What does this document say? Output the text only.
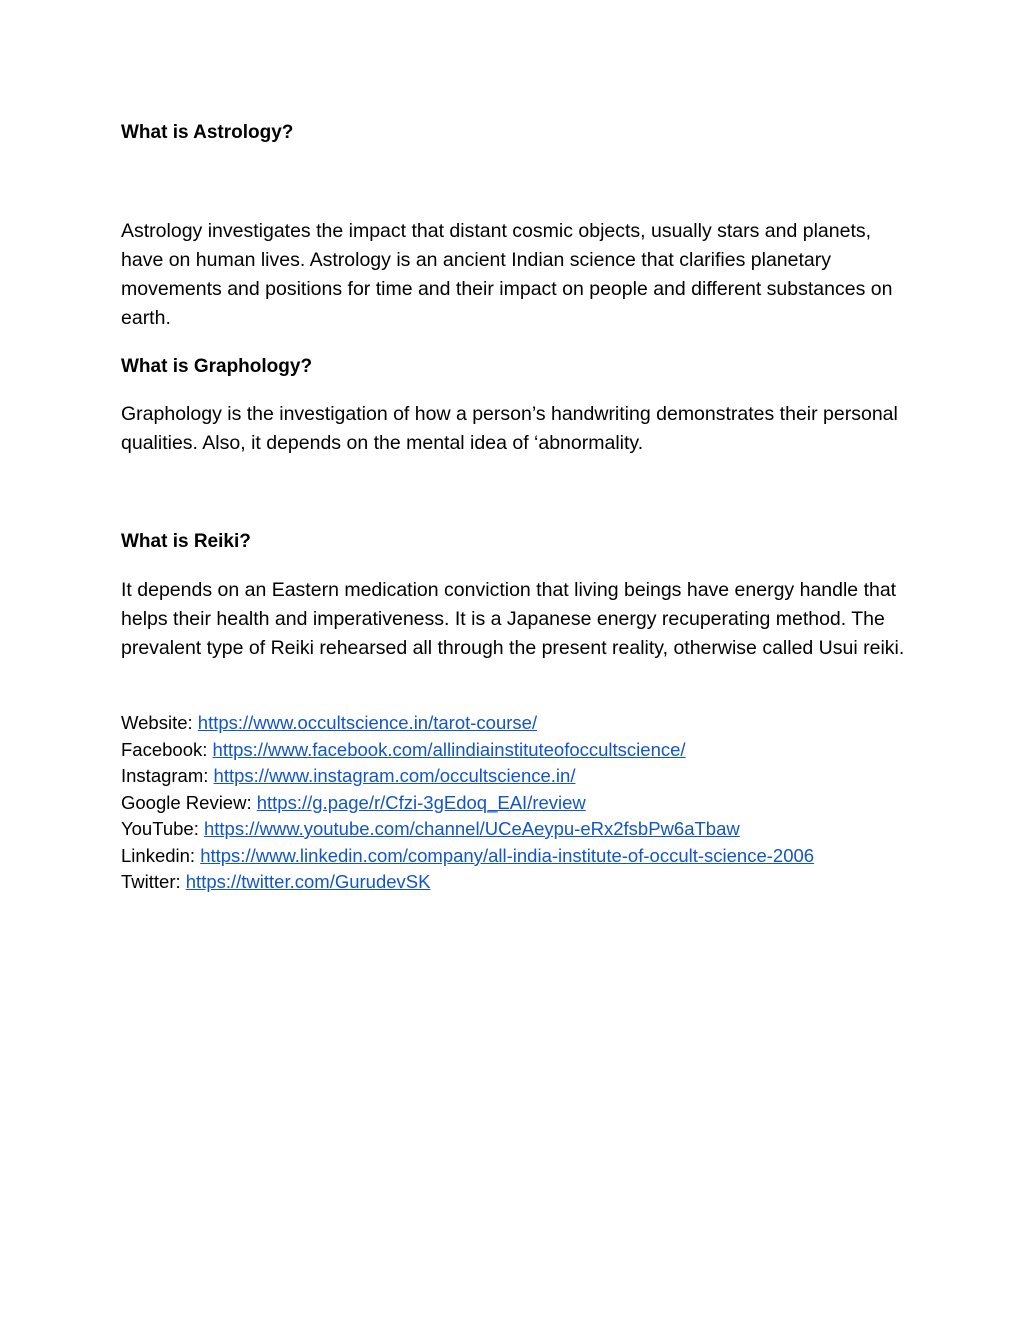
What is Astrology?

Astrology investigates the impact that distant cosmic objects, usually stars and planets, have on human lives. Astrology is an ancient Indian science that clarifies planetary movements and positions for time and their impact on people and different substances on earth.

What is Graphology?

Graphology is the investigation of how a person’s handwriting demonstrates their personal qualities. Also, it depends on the mental idea of ‘abnormality.

What is Reiki?

It depends on an Eastern medication conviction that living beings have energy handle that helps their health and imperativeness. It is a Japanese energy recuperating method. The prevalent type of Reiki rehearsed all through the present reality, otherwise called Usui reiki.

Website: https://www.occultscience.in/tarot-course/
Facebook: https://www.facebook.com/allindiainstituteofoccultscience/
Instagram: https://www.instagram.com/occultscience.in/
Google Review: https://g.page/r/Cfzi-3gEdoq_EAI/review
YouTube: https://www.youtube.com/channel/UCeAeypu-eRx2fsbPw6aTbaw
Linkedin: https://www.linkedin.com/company/all-india-institute-of-occult-science-2006
Twitter: https://twitter.com/GurudevSK
